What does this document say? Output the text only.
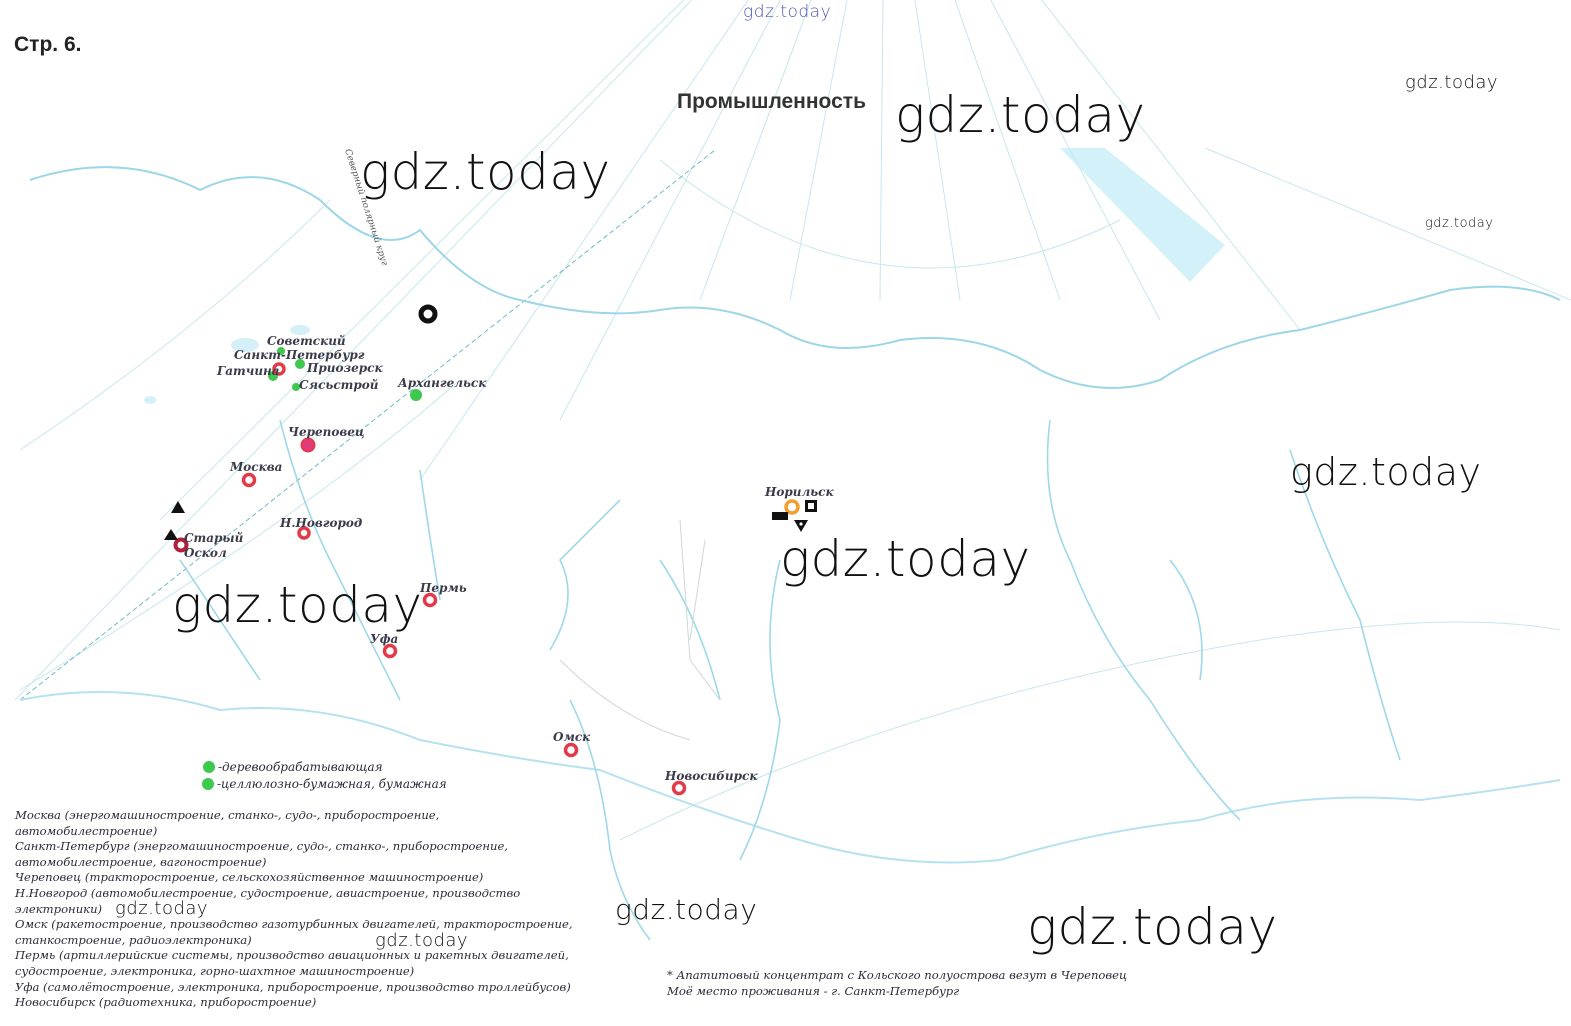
Северный полярный круг
Стр. 6.
Промышленность
Советский
Санкт-Петербург
Гатчина Приозерск
Сясьстрой Архангельск
Череповец
Москва
Н.Новгород
Старый Оскол
Пермь
Уфа
Омск
Новосибирск
Норильск
-деревообрабатывающая
-целлюлозно-бумажная, бумажная
Москва (энергомашиностроение, станко-, судо-, приборостроение,
автомобилестроение)
Санкт-Петербург (энергомашиностроение, судо-, станко-, приборостроение,
автомобилестроение, вагоностроение)
Череповец (тракторостроение, сельскохозяйственное машиностроение)
Н.Новгород (автомобилестроение, судостроение, авиастроение, производство
электроники)
Омск (ракетостроение, производство газотурбинных двигателей, тракторостроение,
станкостроение, радиоэлектроника)
Пермь (артиллерийские системы, производство авиационных и ракетных двигателей,
судостроение, электроника, горно-шахтное машиностроение)
Уфа (самолётостроение, электроника, приборостроение, производство троллейбусов)
Новосибирск (радиотехника, приборостроение)
* Апатитовый концентрат с Кольского полуострова везут в Череповец
Моё место проживания - г. Санкт-Петербург
gdz.today
gdz.today
gdz.today
gdz.today
gdz.today
gdz.today
gdz.today
gdz.today
gdz.today	gdz.today
gdz.today
gdz.today
